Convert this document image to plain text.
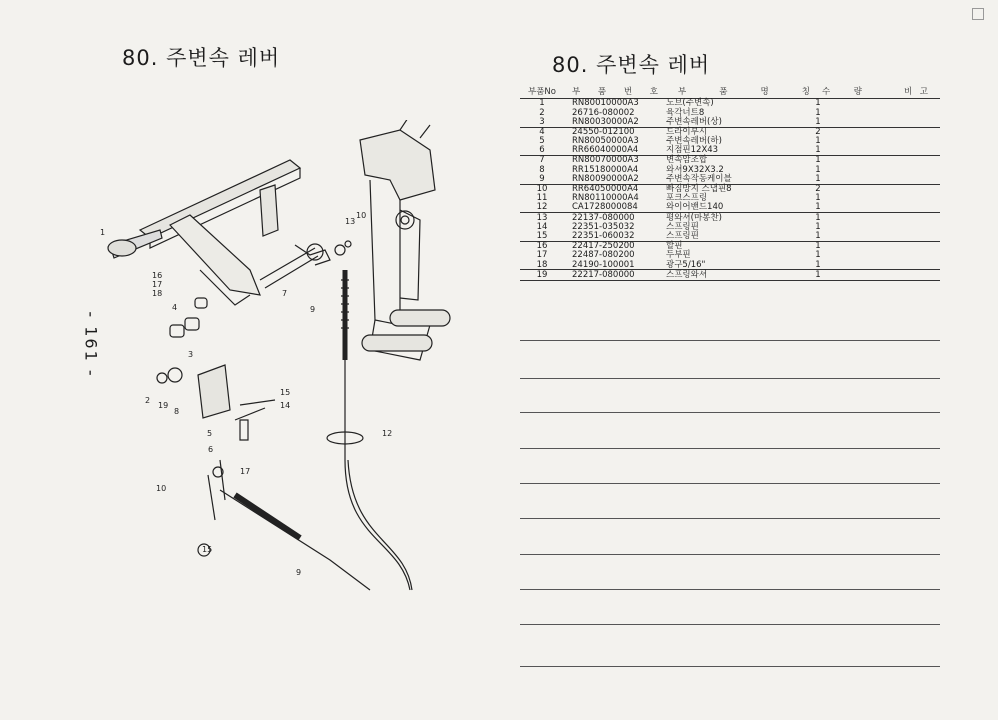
80. 주변속 레버
- 161 -
1
16
17
18
4
3
2
19
8
5
6
15
14
7
13
10
9
12
10
17
9
15
80. 주변속 레버
부품No	부 품 번 호 부	품	명	칭 수	량	비 고
1	RN80010000A3	노브(주변속)	1
2	26716-080002	육각너트8	1
3	RN80030000A2	주변속레버(상)	1
4	24550-012100	드라이부시	2
5	RN80050000A3	주변속레버(하)	1
6	RR66040000A4	지점핀12X43	1
7	RN80070000A3	변속암조합	1
8	RR15180000A4	와셔9X32X3.2	1
9	RN80090000A2	주변속작동케이블	1
10	RR64050000A4	빠짐방지 스냅핀8	2
11	RN80110000A4	포크스프링	1
12	CA1728000084	와이어밴드140	1
13	22137-080000	평와셔(마봉찬)	1
14	22351-035032	스프링핀	1
15	22351-060032	스프링핀	1
16	22417-250200	할핀	1
17	22487-080200	두부핀	1
18	24190-100001	광구5/16"	1
19	22217-080000	스프링와셔	1
